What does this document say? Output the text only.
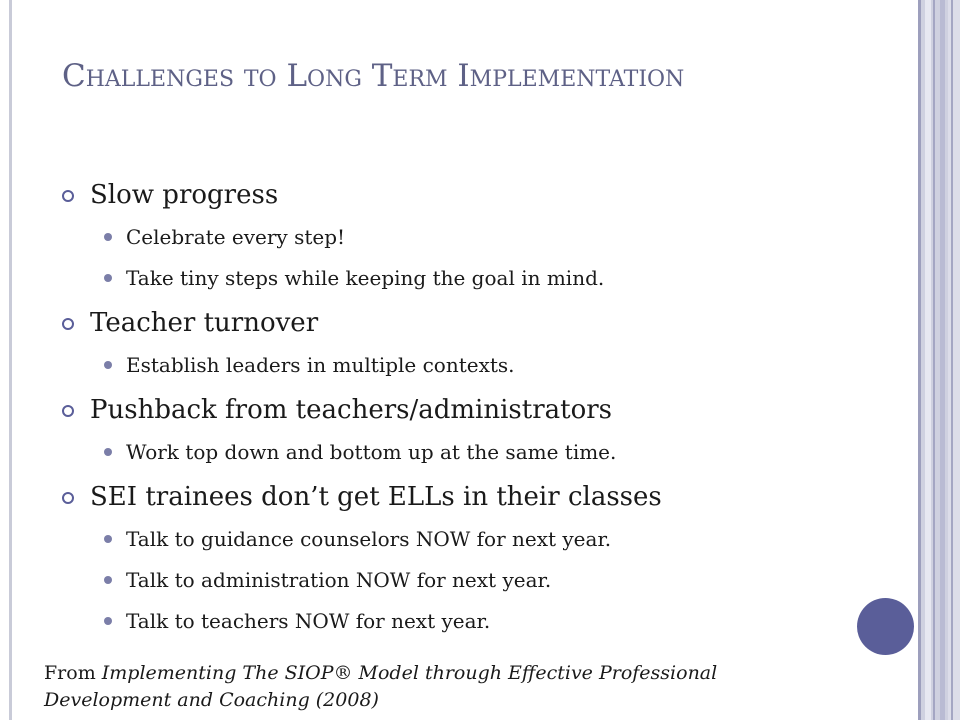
Challenges to Long Term Implementation
Slow progress
Celebrate every step!
Take tiny steps while keeping the goal in mind.
Teacher turnover
Establish leaders in multiple contexts.
Pushback from teachers/administrators
Work top down and bottom up at the same time.
SEI trainees don’t get ELLs in their classes
Talk to guidance counselors NOW for next year.
Talk to administration NOW for next year.
Talk to teachers NOW for next year.
From Implementing The SIOP® Model through Effective Professional Development and Coaching (2008)
